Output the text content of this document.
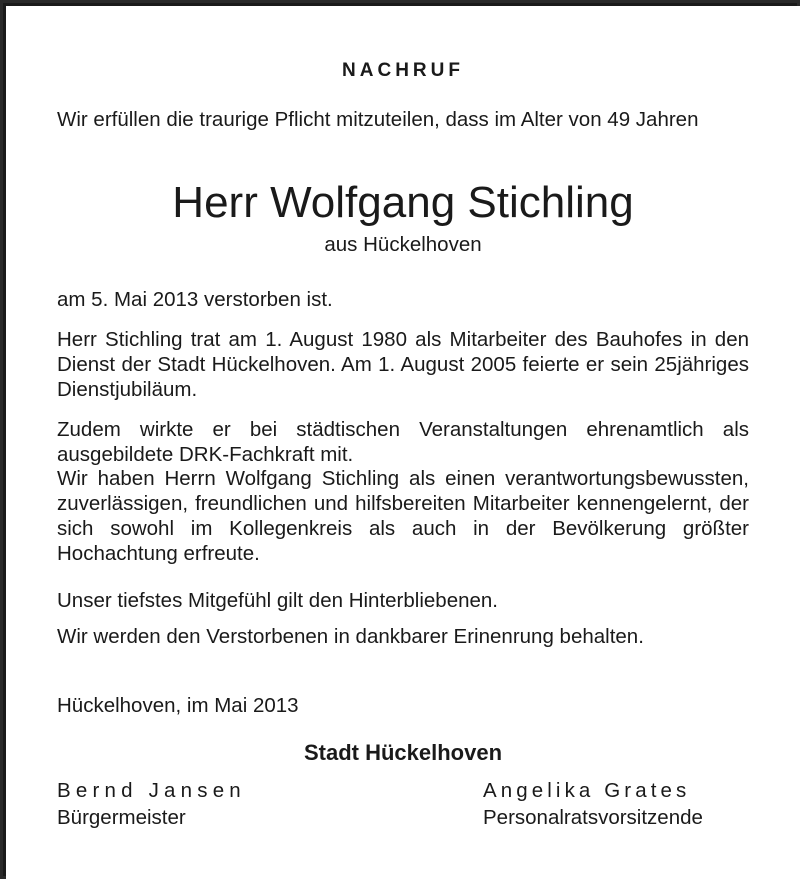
NACHRUF
Wir erfüllen die traurige Pflicht mitzuteilen, dass im Alter von 49 Jahren
Herr Wolfgang Stichling
aus Hückelhoven
am 5. Mai 2013 verstorben ist.
Herr Stichling trat am 1. August 1980 als Mitarbeiter des Bauhofes in den Dienst der Stadt Hückelhoven. Am 1. August 2005 feierte er sein 25jähriges Dienstjubiläum.
Zudem wirkte er bei städtischen Veranstaltungen ehrenamtlich als ausgebildete DRK-Fachkraft mit.
Wir haben Herrn Wolfgang Stichling als einen verantwortungsbewussten, zuverlässigen, freundlichen und hilfsbereiten Mitarbeiter kennengelernt, der sich sowohl im Kollegenkreis als auch in der Bevölkerung größter Hochachtung erfreute.
Unser tiefstes Mitgefühl gilt den Hinterbliebenen.
Wir werden den Verstorbenen in dankbarer Erinenrung behalten.
Hückelhoven, im Mai 2013
Stadt Hückelhoven
Bernd Jansen
Bürgermeister
Angelika Grates
Personalratsvorsitzende
